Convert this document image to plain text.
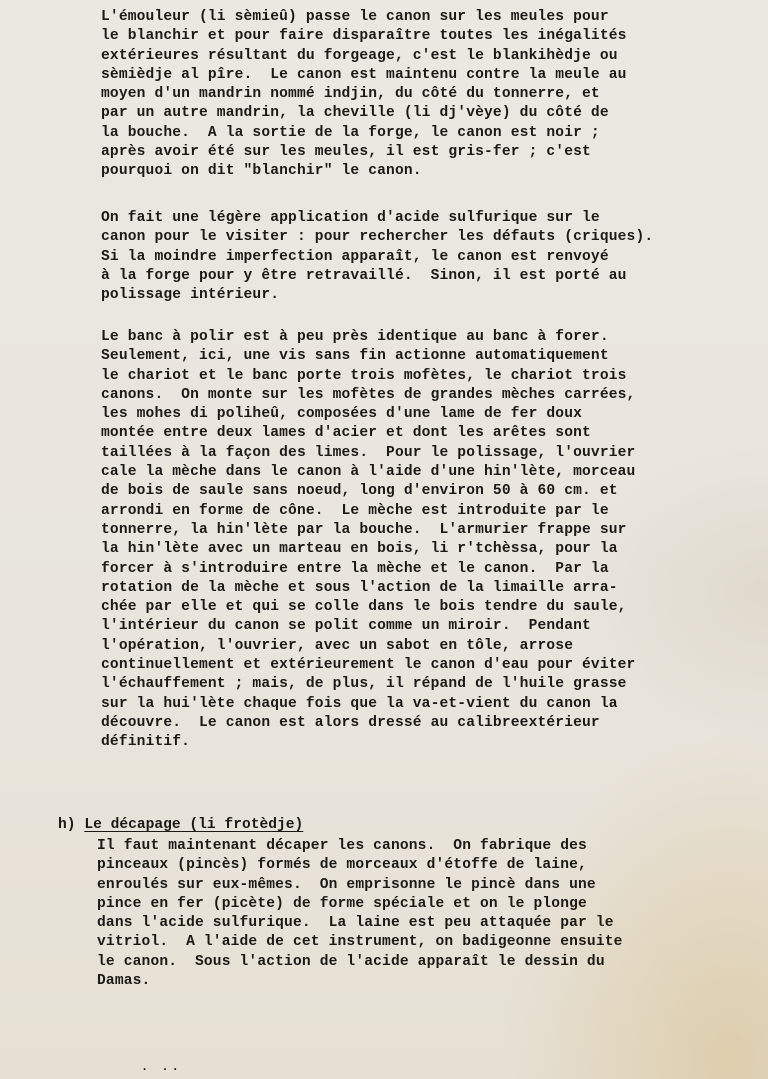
L'émouleur (li sèmieû) passe le canon sur les meules pour
le blanchir et pour faire disparaître toutes les inégalités
extérieures résultant du forgeage, c'est le blankihèdje ou
sèmièdje al pîre.  Le canon est maintenu contre la meule au
moyen d'un mandrin nommé indjin, du côté du tonnerre, et
par un autre mandrin, la cheville (li dj'vèye) du côté de
la bouche.  A la sortie de la forge, le canon est noir ;
après avoir été sur les meules, il est gris-fer ; c'est
pourquoi on dit "blanchir" le canon.

On fait une légère application d'acide sulfurique sur le
canon pour le visiter : pour rechercher les défauts (criques).
Si la moindre imperfection apparaît, le canon est renvoyé
à la forge pour y être retravaillé.  Sinon, il est porté au
polissage intérieur.

Le banc à polir est à peu près identique au banc à forer.
Seulement, ici, une vis sans fin actionne automatiquement
le chariot et le banc porte trois mofètes, le chariot trois
canons.  On monte sur les mofètes de grandes mèches carrées,
les mohes di poliheû, composées d'une lame de fer doux
montée entre deux lames d'acier et dont les arêtes sont
taillées à la façon des limes.  Pour le polissage, l'ouvrier
cale la mèche dans le canon à l'aide d'une hin'lète, morceau
de bois de saule sans noeud, long d'environ 50 à 60 cm. et
arrondi en forme de cône.  Le mèche est introduite par le
tonnerre, la hin'lète par la bouche.  L'armurier frappe sur
la hin'lète avec un marteau en bois, li r'tchèssa, pour la
forcer à s'introduire entre la mèche et le canon.  Par la
rotation de la mèche et sous l'action de la limaille arra-
chée par elle et qui se colle dans le bois tendre du saule,
l'intérieur du canon se polit comme un miroir.  Pendant
l'opération, l'ouvrier, avec un sabot en tôle, arrose
continuellement et extérieurement le canon d'eau pour éviter
l'échauffement ; mais, de plus, il répand de l'huile grasse
sur la hui'lète chaque fois que la va-et-vient du canon la
découvre.  Le canon est alors dressé au calibreextérieur
définitif.

h) Le décapage (li frotèdje)

Il faut maintenant décaper les canons.  On fabrique des
pinceaux (pincès) formés de morceaux d'étoffe de laine,
enroulés sur eux-mêmes.  On emprisonne le pincè dans une
pince en fer (picète) de forme spéciale et on le plonge
dans l'acide sulfurique.  La laine est peu attaquée par le
vitriol.  A l'aide de cet instrument, on badigeonne ensuite
le canon.  Sous l'action de l'acide apparaît le dessin du
Damas.

. ..
